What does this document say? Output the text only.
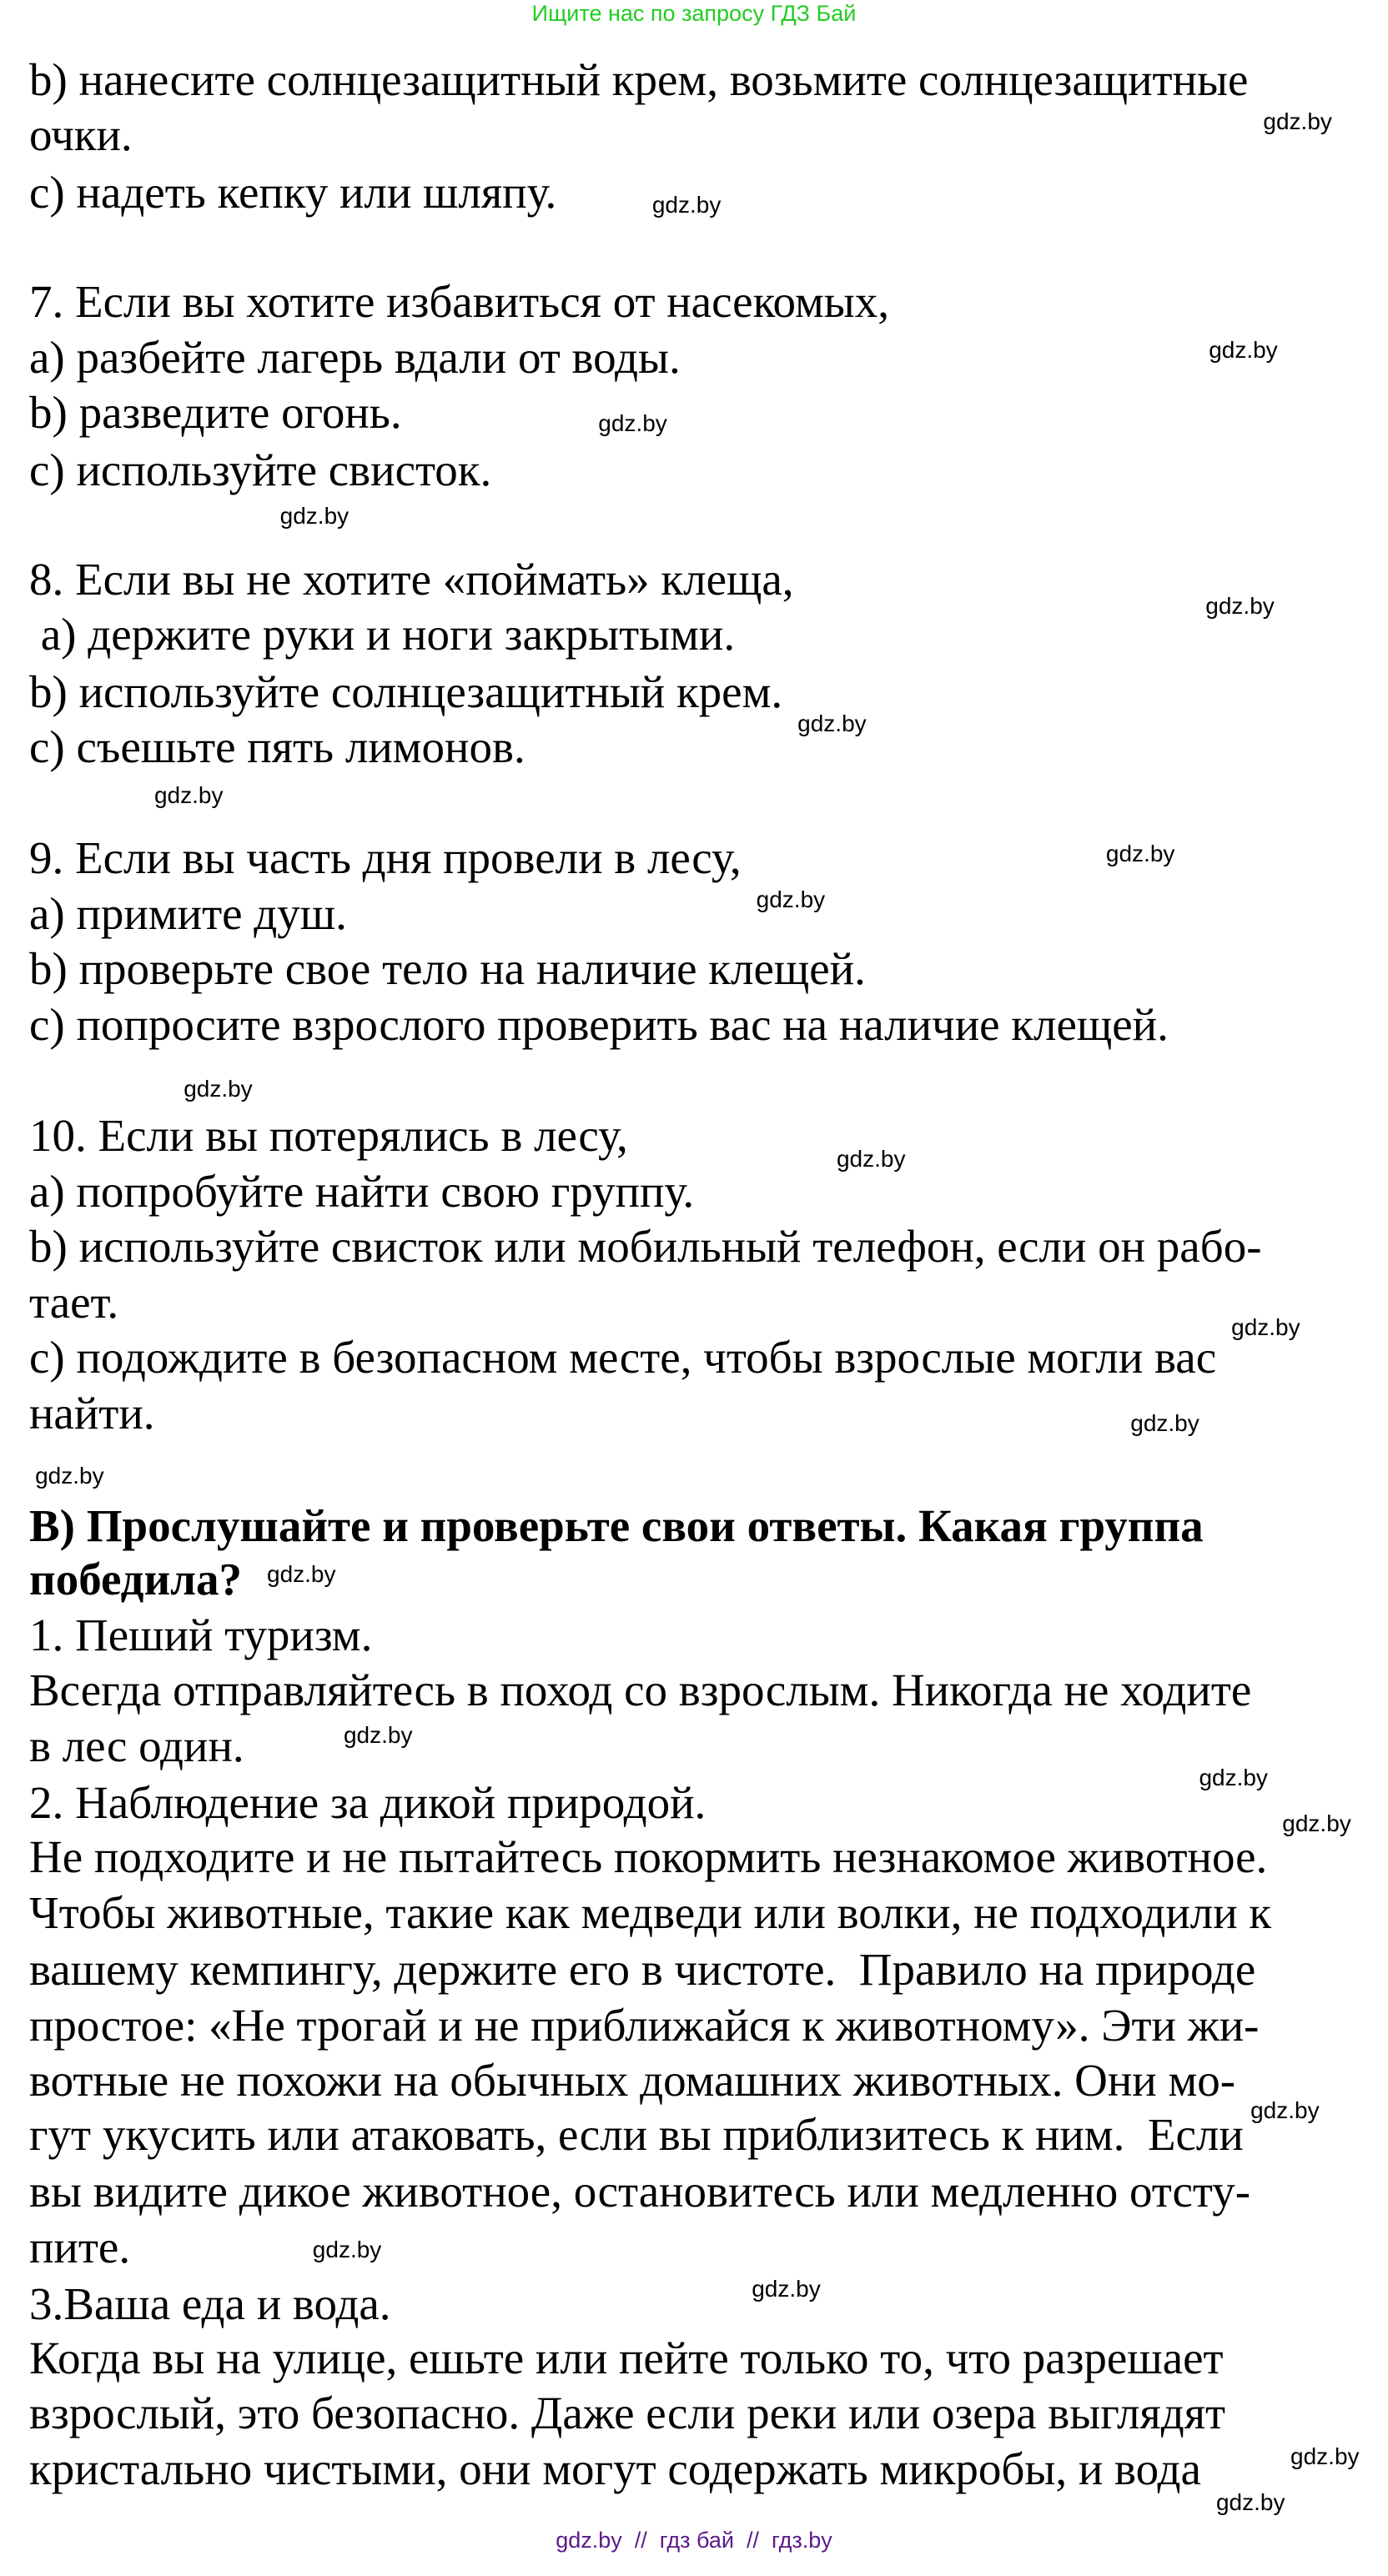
Ищите нас по запросу ГДЗ Бай
b) нанесите солнцезащитный крем, возьмите солнцезащитные
очки.
c) надеть кепку или шляпу.
7. Если вы хотите избавиться от насекомых,
a) разбейте лагерь вдали от воды.
b) разведите огонь.
c) используйте свисток.
8. Если вы не хотите «поймать» клеща,
a) держите руки и ноги закрытыми.
b) используйте солнцезащитный крем.
c) съешьте пять лимонов.
9. Если вы часть дня провели в лесу,
a) примите душ.
b) проверьте свое тело на наличие клещей.
c) попросите взрослого проверить вас на наличие клещей.
10. Если вы потерялись в лесу,
a) попробуйте найти свою группу.
b) используйте свисток или мобильный телефон, если он рабо-
тает.
c) подождите в безопасном месте, чтобы взрослые могли вас
найти.
B) Прослушайте и проверьте свои ответы. Какая группа
победила?
1. Пеший туризм.
Всегда отправляйтесь в поход со взрослым. Никогда не ходите
в лес один.
2. Наблюдение за дикой природой.
Не подходите и не пытайтесь покормить незнакомое животное.
Чтобы животные, такие как медведи или волки, не подходили к
вашему кемпингу, держите его в чистоте.  Правило на природе
простое: «Не трогай и не приближайся к животному». Эти жи-
вотные не похожи на обычных домашних животных. Они мо-
гут укусить или атаковать, если вы приблизитесь к ним.  Если
вы видите дикое животное, остановитесь или медленно отсту-
пите.
3.Ваша еда и вода.
Когда вы на улице, ешьте или пейте только то, что разрешает
взрослый, это безопасно. Даже если реки или озера выглядят
кристально чистыми, они могут содержать микробы, и вода
gdz.by
gdz.by
gdz.by
gdz.by
gdz.by
gdz.by
gdz.by
gdz.by
gdz.by
gdz.by
gdz.by
gdz.by
gdz.by
gdz.by
gdz.by
gdz.by
gdz.by
gdz.by
gdz.by
gdz.by
gdz.by
gdz.by
gdz.by
gdz.by
gdz.by  //  гдз бай  //  гдз.by
